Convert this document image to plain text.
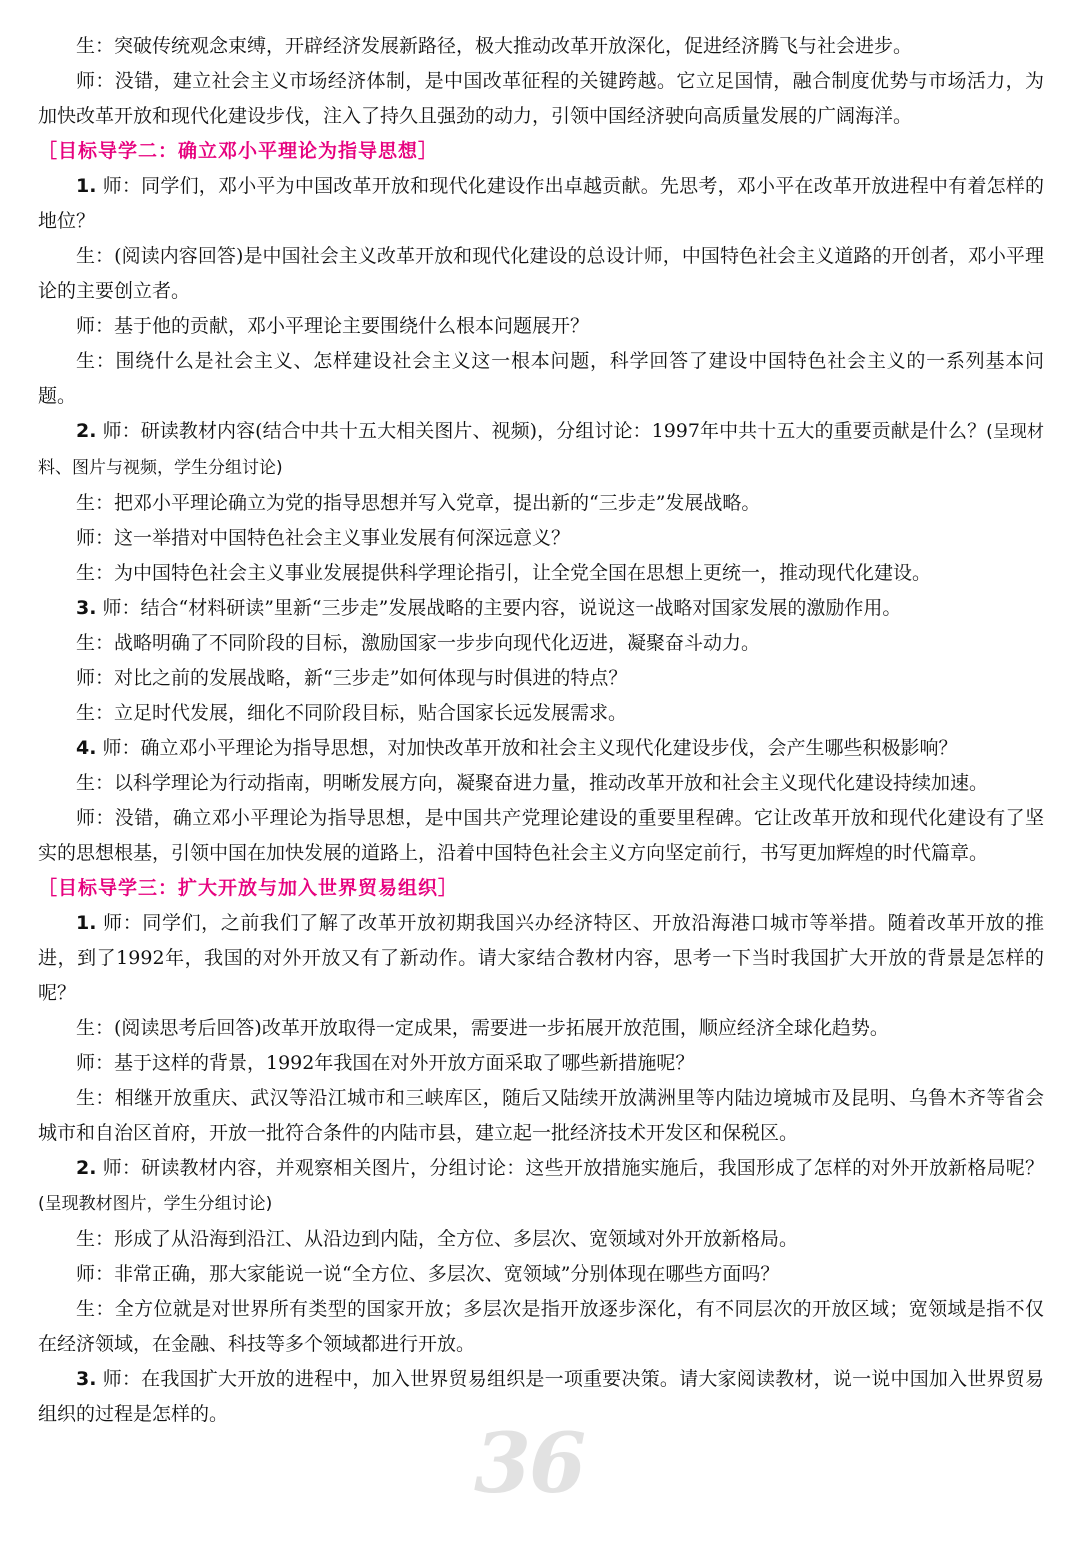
生：突破传统观念束缚，开辟经济发展新路径，极大推动改革开放深化，促进经济腾飞与社会进步。

师：没错，建立社会主义市场经济体制，是中国改革征程的关键跨越。它立足国情，融合制度优势与市场活力，为加快改革开放和现代化建设步伐，注入了持久且强劲的动力，引领中国经济驶向高质量发展的广阔海洋。

［目标导学二：确立邓小平理论为指导思想］

1. 师：同学们，邓小平为中国改革开放和现代化建设作出卓越贡献。先思考，邓小平在改革开放进程中有着怎样的地位？

生：(阅读内容回答)是中国社会主义改革开放和现代化建设的总设计师，中国特色社会主义道路的开创者，邓小平理论的主要创立者。

师：基于他的贡献，邓小平理论主要围绕什么根本问题展开？

生：围绕什么是社会主义、怎样建设社会主义这一根本问题，科学回答了建设中国特色社会主义的一系列基本问题。

2. 师：研读教材内容(结合中共十五大相关图片、视频)，分组讨论：1997年中共十五大的重要贡献是什么？(呈现材料、图片与视频，学生分组讨论)

生：把邓小平理论确立为党的指导思想并写入党章，提出新的“三步走”发展战略。

师：这一举措对中国特色社会主义事业发展有何深远意义？

生：为中国特色社会主义事业发展提供科学理论指引，让全党全国在思想上更统一，推动现代化建设。

3. 师：结合“材料研读”里新“三步走”发展战略的主要内容，说说这一战略对国家发展的激励作用。

生：战略明确了不同阶段的目标，激励国家一步步向现代化迈进，凝聚奋斗动力。

师：对比之前的发展战略，新“三步走”如何体现与时俱进的特点？

生：立足时代发展，细化不同阶段目标，贴合国家长远发展需求。

4. 师：确立邓小平理论为指导思想，对加快改革开放和社会主义现代化建设步伐，会产生哪些积极影响？

生：以科学理论为行动指南，明晰发展方向，凝聚奋进力量，推动改革开放和社会主义现代化建设持续加速。

师：没错，确立邓小平理论为指导思想，是中国共产党理论建设的重要里程碑。它让改革开放和现代化建设有了坚实的思想根基，引领中国在加快发展的道路上，沿着中国特色社会主义方向坚定前行，书写更加辉煌的时代篇章。

［目标导学三：扩大开放与加入世界贸易组织］

1. 师：同学们，之前我们了解了改革开放初期我国兴办经济特区、开放沿海港口城市等举措。随着改革开放的推进，到了1992年，我国的对外开放又有了新动作。请大家结合教材内容，思考一下当时我国扩大开放的背景是怎样的呢？

生：(阅读思考后回答)改革开放取得一定成果，需要进一步拓展开放范围，顺应经济全球化趋势。

师：基于这样的背景，1992年我国在对外开放方面采取了哪些新措施呢？

生：相继开放重庆、武汉等沿江城市和三峡库区，随后又陆续开放满洲里等内陆边境城市及昆明、乌鲁木齐等省会城市和自治区首府，开放一批符合条件的内陆市县，建立起一批经济技术开发区和保税区。

2. 师：研读教材内容，并观察相关图片，分组讨论：这些开放措施实施后，我国形成了怎样的对外开放新格局呢？(呈现教材图片，学生分组讨论)

生：形成了从沿海到沿江、从沿边到内陆，全方位、多层次、宽领域对外开放新格局。

师：非常正确，那大家能说一说“全方位、多层次、宽领域”分别体现在哪些方面吗？

生：全方位就是对世界所有类型的国家开放；多层次是指开放逐步深化，有不同层次的开放区域；宽领域是指不仅在经济领域，在金融、科技等多个领域都进行开放。

3. 师：在我国扩大开放的进程中，加入世界贸易组织是一项重要决策。请大家阅读教材，说一说中国加入世界贸易组织的过程是怎样的。

36
